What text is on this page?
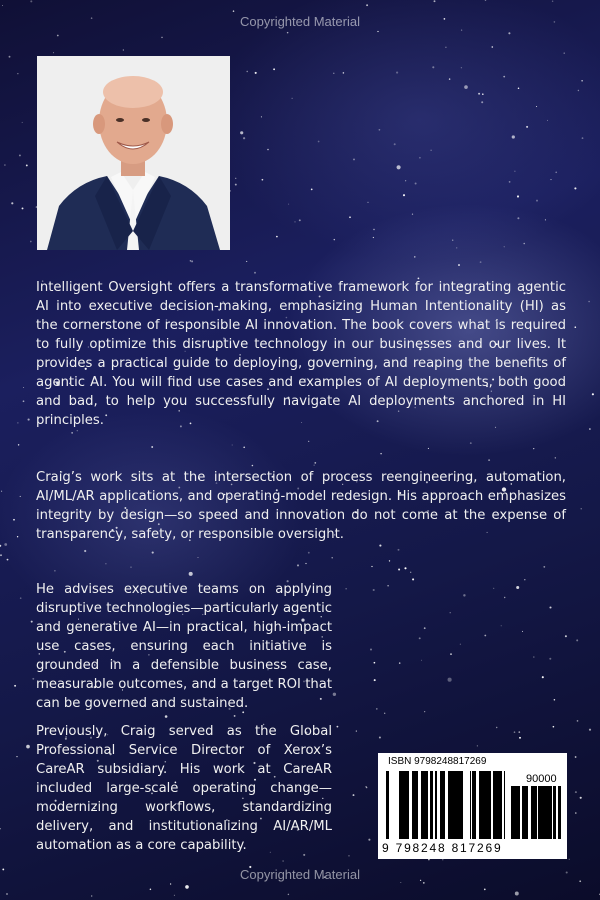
Copyrighted Material

Intelligent Oversight offers a transformative framework for integrating agentic AI into executive decision-making, emphasizing Human Intentionality (HI) as the cornerstone of responsible AI innovation. The book covers what is required to fully optimize this disruptive technology in our businesses and our lives. It provides a practical guide to deploying, governing, and reaping the benefits of agentic AI. You will find use cases and examples of AI deployments, both good and bad, to help you successfully navigate AI deployments anchored in HI principles.

Craig’s work sits at the intersection of process reengineering, automation, AI/ML/AR applications, and operating-model redesign. His approach emphasizes integrity by design—so speed and innovation do not come at the expense of transparency, safety, or responsible oversight.

He advises executive teams on applying disruptive technologies—particularly agentic and generative AI—in practical, high-impact use cases, ensuring each initiative is grounded in a defensible business case, measurable outcomes, and a target ROI that can be governed and sustained.

Previously, Craig served as the Global Professional Service Director of Xerox’s CareAR subsidiary. His work at CareAR included large-scale operating change—modernizing workflows, standardizing delivery, and institutionalizing AI/AR/ML automation as a core capability.

ISBN 9798248817269
90000
9 798248 817269
Copyrighted Material
